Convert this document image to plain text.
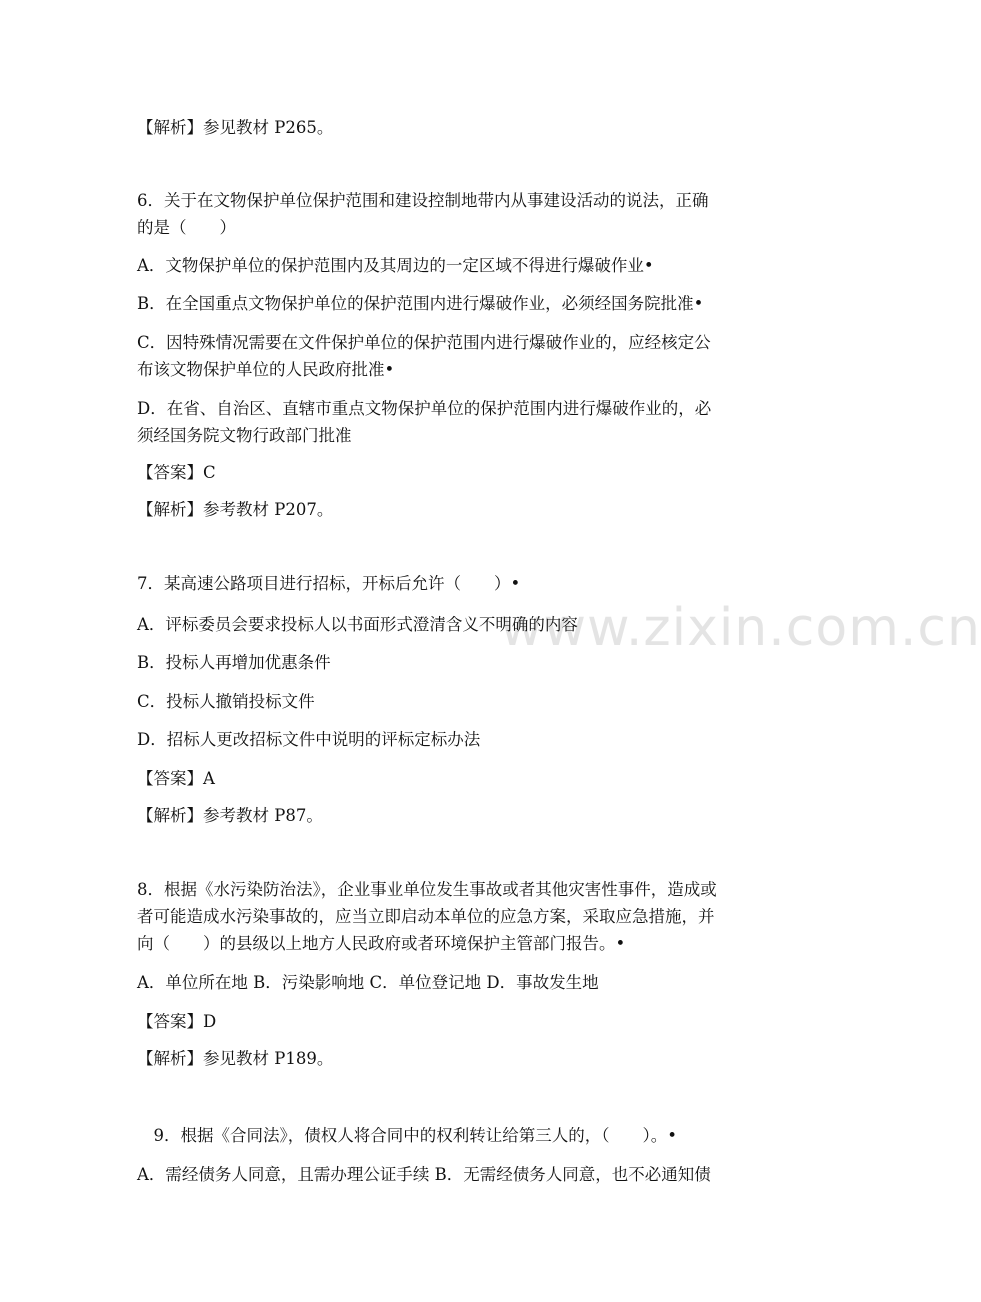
www.zixin.com.cn
【解析】参见教材 P265。
6．关于在文物保护单位保护范围和建设控制地带内从事建设活动的说法，正确
的是（　　）
A．文物保护单位的保护范围内及其周边的一定区域不得进行爆破作业•
B．在全国重点文物保护单位的保护范围内进行爆破作业，必须经国务院批准•
C．因特殊情况需要在文件保护单位的保护范围内进行爆破作业的，应经核定公
布该文物保护单位的人民政府批准•
D．在省、自治区、直辖市重点文物保护单位的保护范围内进行爆破作业的，必
须经国务院文物行政部门批准
【答案】C
【解析】参考教材 P207。
7．某高速公路项目进行招标，开标后允许（　　）•
A．评标委员会要求投标人以书面形式澄清含义不明确的内容
B．投标人再增加优惠条件
C．投标人撤销投标文件
D．招标人更改招标文件中说明的评标定标办法
【答案】A
【解析】参考教材 P87。
8．根据《水污染防治法》，企业事业单位发生事故或者其他灾害性事件，造成或
者可能造成水污染事故的，应当立即启动本单位的应急方案，采取应急措施，并
向（　　）的县级以上地方人民政府或者环境保护主管部门报告。•
A．单位所在地 B．污染影响地 C．单位登记地 D．事故发生地
【答案】D
【解析】参见教材 P189。
　9．根据《合同法》，债权人将合同中的权利转让给第三人的，（　　）。•
A．需经债务人同意，且需办理公证手续 B．无需经债务人同意，也不必通知债
